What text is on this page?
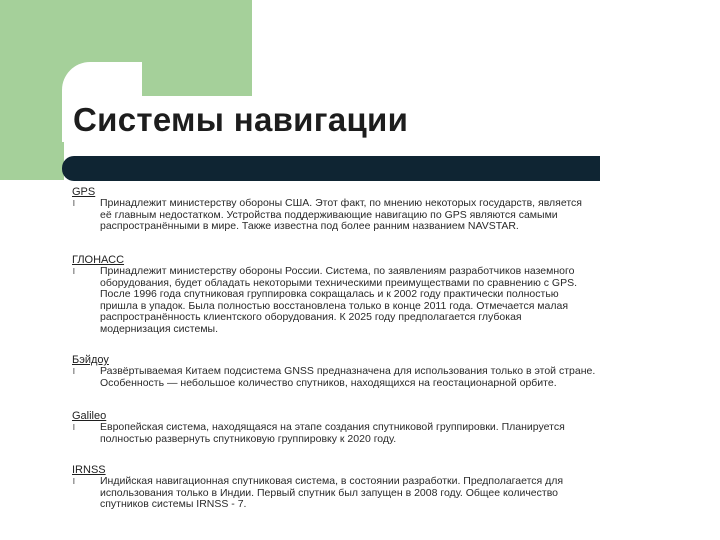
Системы навигации

GPS

l Принадлежит министерству обороны США. Этот факт, по мнению некоторых государств, является
её главным недостатком. Устройства поддерживающие навигацию по GPS являются самыми
распространёнными в мире. Также известна под более ранним названием NAVSTAR.

ГЛОНАСС

l Принадлежит министерству обороны России. Система, по заявлениям разработчиков наземного
оборудования, будет обладать некоторыми техническими преимуществами по сравнению с GPS.
После 1996 года спутниковая группировка сокращалась и к 2002 году практически полностью
пришла в упадок. Была полностью восстановлена только в конце 2011 года. Отмечается малая
распространённость клиентского оборудования. К 2025 году предполагается глубокая
модернизация системы.

Бэйдоу

l Развёртываемая Китаем подсистема GNSS предназначена для использования только в этой стране.
Особенность — небольшое количество спутников, находящихся на геостационарной орбите.

Galileo

l Европейская система, находящаяся на этапе создания спутниковой группировки. Планируется
полностью развернуть спутниковую группировку к 2020 году.

IRNSS

l Индийская навигационная спутниковая система, в состоянии разработки. Предполагается для
использования только в Индии. Первый спутник был запущен в 2008 году. Общее количество
спутников системы IRNSS - 7.
